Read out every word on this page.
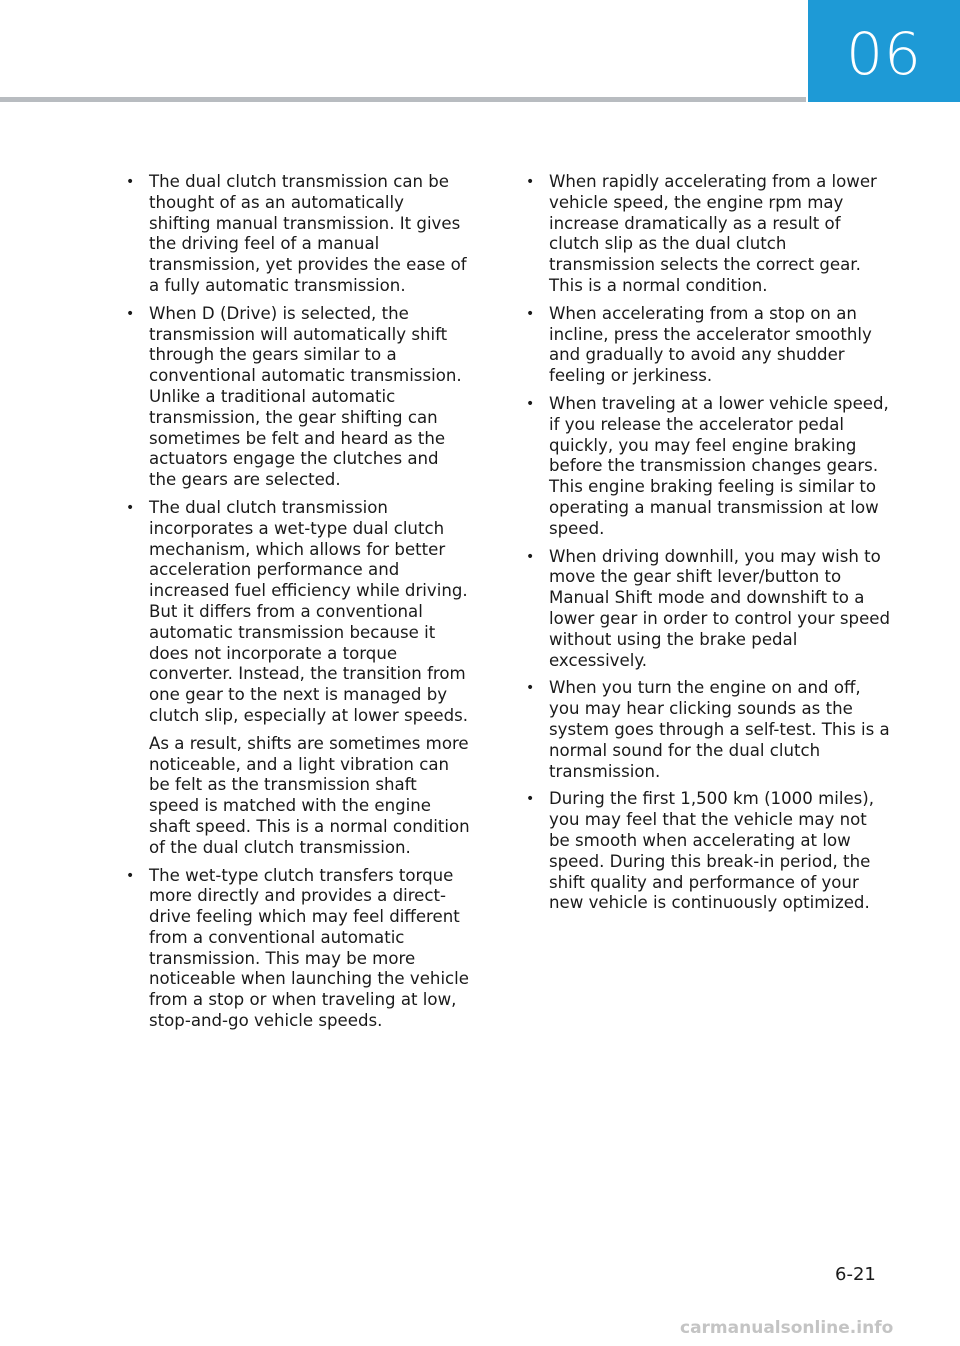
06
• The dual clutch transmission can be thought of as an automatically shifting manual transmission. It gives the driving feel of a manual transmission, yet provides the ease of a fully automatic transmission.

• When D (Drive) is selected, the transmission will automatically shift through the gears similar to a conventional automatic transmission. Unlike a traditional automatic transmission, the gear shifting can sometimes be felt and heard as the actuators engage the clutches and the gears are selected.

• The dual clutch transmission incorporates a wet-type dual clutch mechanism, which allows for better acceleration performance and increased fuel efficiency while driving. But it differs from a conventional automatic transmission because it does not incorporate a torque converter. Instead, the transition from one gear to the next is managed by clutch slip, especially at lower speeds.

As a result, shifts are sometimes more noticeable, and a light vibration can be felt as the transmission shaft speed is matched with the engine shaft speed. This is a normal condition of the dual clutch transmission.

• The wet-type clutch transfers torque more directly and provides a direct-drive feeling which may feel different from a conventional automatic transmission. This may be more noticeable when launching the vehicle from a stop or when traveling at low, stop-and-go vehicle speeds.

• When rapidly accelerating from a lower vehicle speed, the engine rpm may increase dramatically as a result of clutch slip as the dual clutch transmission selects the correct gear. This is a normal condition.

• When accelerating from a stop on an incline, press the accelerator smoothly and gradually to avoid any shudder feeling or jerkiness.

• When traveling at a lower vehicle speed, if you release the accelerator pedal quickly, you may feel engine braking before the transmission changes gears. This engine braking feeling is similar to operating a manual transmission at low speed.

• When driving downhill, you may wish to move the gear shift lever/button to Manual Shift mode and downshift to a lower gear in order to control your speed without using the brake pedal excessively.

• When you turn the engine on and off, you may hear clicking sounds as the system goes through a self-test. This is a normal sound for the dual clutch transmission.

• During the first 1,500 km (1000 miles), you may feel that the vehicle may not be smooth when accelerating at low speed. During this break-in period, the shift quality and performance of your new vehicle is continuously optimized.

6-21
carmanualsonline.info
